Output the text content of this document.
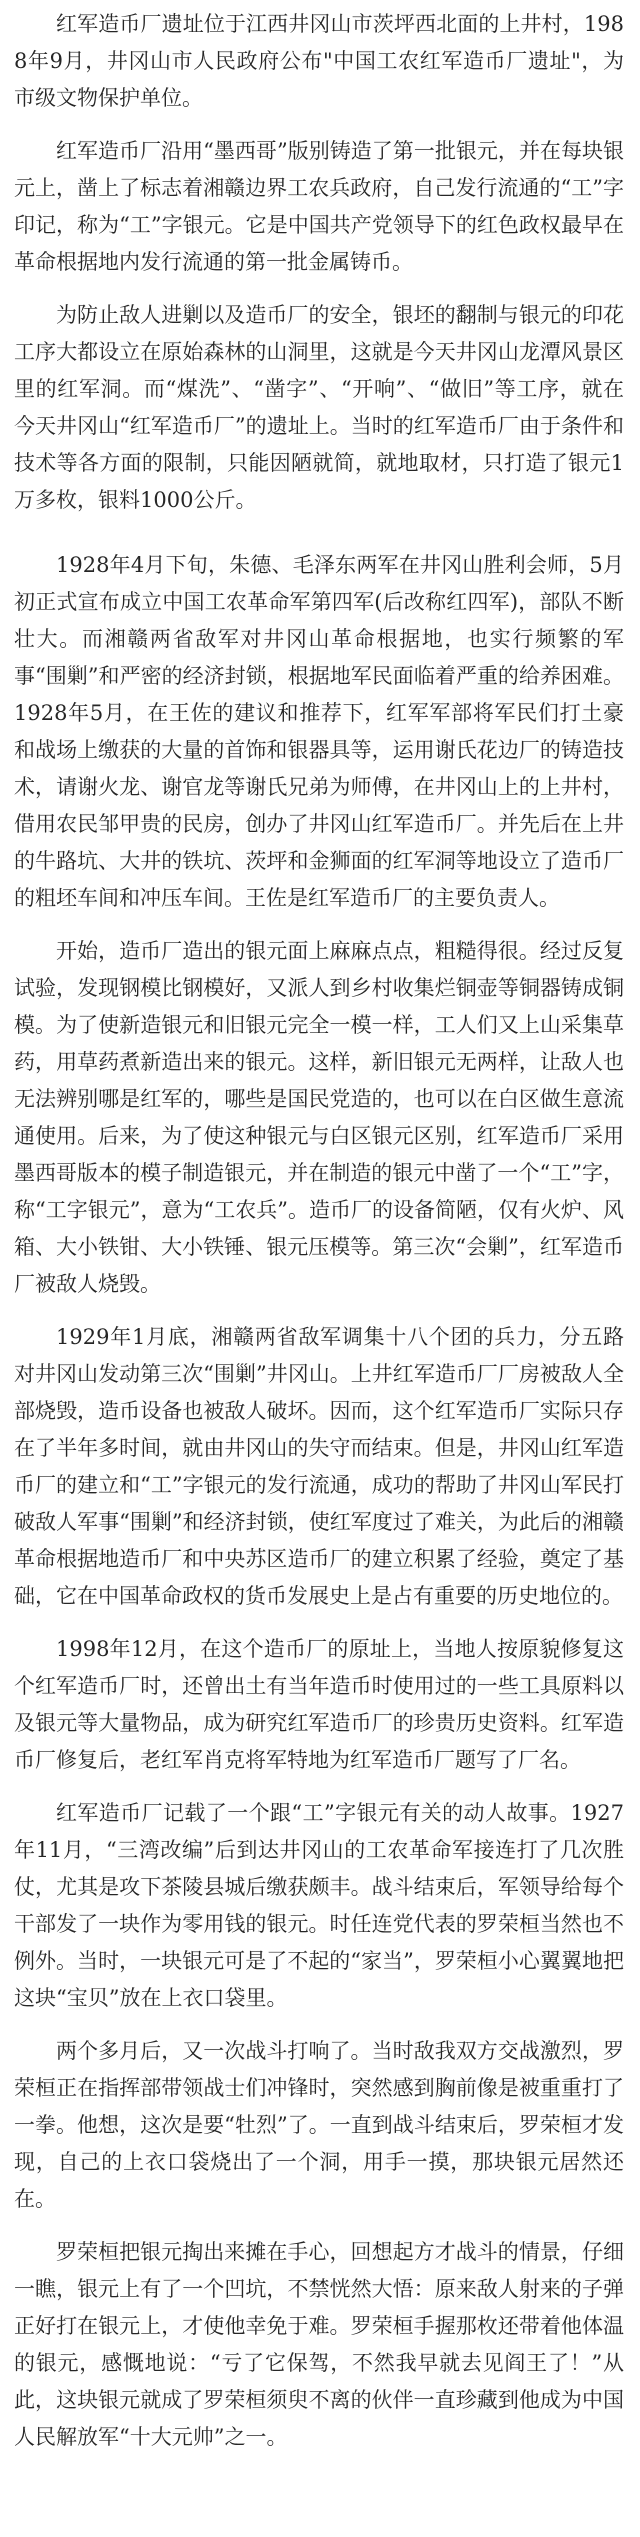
红军造币厂遗址位于江西井冈山市茨坪西北面的上井村，1988年9月，井冈山市人民政府公布"中国工农红军造币厂遗址"，为市级文物保护单位。

红军造币厂沿用“墨西哥”版别铸造了第一批银元，并在每块银元上，凿上了标志着湘赣边界工农兵政府，自己发行流通的“工”字印记，称为“工”字银元。它是中国共产党领导下的红色政权最早在革命根据地内发行流通的第一批金属铸币。

为防止敌人进剿以及造币厂的安全，银坯的翻制与银元的印花工序大都设立在原始森林的山洞里，这就是今天井冈山龙潭风景区里的红军洞。而“煤洗”、“凿字”、“开响”、“做旧”等工序，就在今天井冈山“红军造币厂”的遗址上。当时的红军造币厂由于条件和技术等各方面的限制，只能因陋就简，就地取材，只打造了银元1万多枚，银料1000公斤。

1928年4月下旬，朱德、毛泽东两军在井冈山胜利会师，5月初正式宣布成立中国工农革命军第四军(后改称红四军)，部队不断壮大。而湘赣两省敌军对井冈山革命根据地，也实行频繁的军事“围剿”和严密的经济封锁，根据地军民面临着严重的给养困难。1928年5月，在王佐的建议和推荐下，红军军部将军民们打土豪和战场上缴获的大量的首饰和银器具等，运用谢氏花边厂的铸造技术，请谢火龙、谢官龙等谢氏兄弟为师傅，在井冈山上的上井村，借用农民邹甲贵的民房，创办了井冈山红军造币厂。并先后在上井的牛路坑、大井的铁坑、茨坪和金狮面的红军洞等地设立了造币厂的粗坯车间和冲压车间。王佐是红军造币厂的主要负责人。

开始，造币厂造出的银元面上麻麻点点，粗糙得很。经过反复试验，发现钢模比钢模好，又派人到乡村收集烂铜壶等铜器铸成铜模。为了使新造银元和旧银元完全一模一样，工人们又上山采集草药，用草药煮新造出来的银元。这样，新旧银元无两样，让敌人也无法辨别哪是红军的，哪些是国民党造的，也可以在白区做生意流通使用。后来，为了使这种银元与白区银元区别，红军造币厂采用墨西哥版本的模子制造银元，并在制造的银元中凿了一个“工”字，称“工字银元”，意为“工农兵”。造币厂的设备简陋，仅有火炉、风箱、大小铁钳、大小铁锤、银元压模等。第三次“会剿”，红军造币厂被敌人烧毁。

1929年1月底，湘赣两省敌军调集十八个团的兵力，分五路对井冈山发动第三次“围剿”井冈山。上井红军造币厂厂房被敌人全部烧毁，造币设备也被敌人破坏。因而，这个红军造币厂实际只存在了半年多时间，就由井冈山的失守而结束。但是，井冈山红军造币厂的建立和“工”字银元的发行流通，成功的帮助了井冈山军民打破敌人军事“围剿”和经济封锁，使红军度过了难关，为此后的湘赣革命根据地造币厂和中央苏区造币厂的建立积累了经验，奠定了基础，它在中国革命政权的货币发展史上是占有重要的历史地位的。

1998年12月，在这个造币厂的原址上，当地人按原貌修复这个红军造币厂时，还曾出土有当年造币时使用过的一些工具原料以及银元等大量物品，成为研究红军造币厂的珍贵历史资料。红军造币厂修复后，老红军肖克将军特地为红军造币厂题写了厂名。

红军造币厂记载了一个跟“工”字银元有关的动人故事。1927年11月，“三湾改编”后到达井冈山的工农革命军接连打了几次胜仗，尤其是攻下茶陵县城后缴获颇丰。战斗结束后，军领导给每个干部发了一块作为零用钱的银元。时任连党代表的罗荣桓当然也不例外。当时，一块银元可是了不起的“家当”，罗荣桓小心翼翼地把这块“宝贝”放在上衣口袋里。

两个多月后，又一次战斗打响了。当时敌我双方交战激烈，罗荣桓正在指挥部带领战士们冲锋时，突然感到胸前像是被重重打了一拳。他想，这次是要“牡烈”了。一直到战斗结束后，罗荣桓才发现，自己的上衣口袋烧出了一个洞，用手一摸，那块银元居然还在。

罗荣桓把银元掏出来摊在手心，回想起方才战斗的情景，仔细一瞧，银元上有了一个凹坑，不禁恍然大悟：原来敌人射来的子弹正好打在银元上，才使他幸免于难。罗荣桓手握那枚还带着他体温的银元，感慨地说：“亏了它保驾，不然我早就去见阎王了！”从此，这块银元就成了罗荣桓须臾不离的伙伴一直珍藏到他成为中国人民解放军“十大元帅”之一。
